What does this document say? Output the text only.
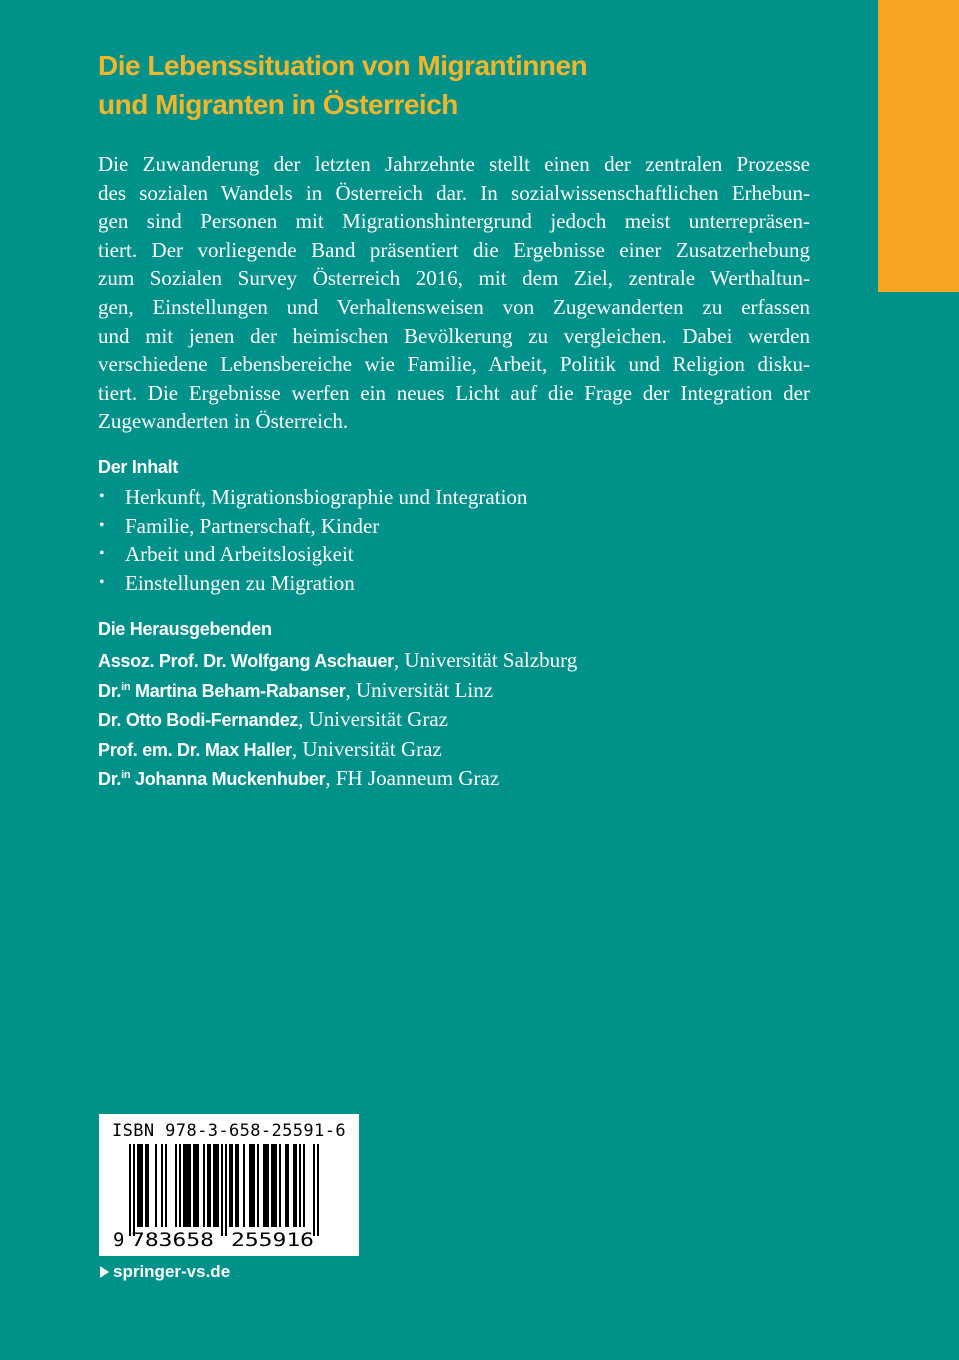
Die Lebenssituation von Migrantinnen
und Migranten in Österreich

Die Zuwanderung der letzten Jahrzehnte stellt einen der zentralen Prozesse
des sozialen Wandels in Österreich dar. In sozialwissenschaftlichen Erhebun-
gen sind Personen mit Migrationshintergrund jedoch meist unterrepräsen-
tiert. Der vorliegende Band präsentiert die Ergebnisse einer Zusatzerhebung
zum Sozialen Survey Österreich 2016, mit dem Ziel, zentrale Werthaltun-
gen, Einstellungen und Verhaltensweisen von Zugewanderten zu erfassen
und mit jenen der heimischen Bevölkerung zu vergleichen. Dabei werden
verschiedene Lebensbereiche wie Familie, Arbeit, Politik und Religion disku-
tiert. Die Ergebnisse werfen ein neues Licht auf die Frage der Integration der
Zugewanderten in Österreich.

Der Inhalt
• Herkunft, Migrationsbiographie und Integration
• Familie, Partnerschaft, Kinder
• Arbeit und Arbeitslosigkeit
• Einstellungen zu Migration
Die Herausgebenden
Assoz. Prof. Dr. Wolfgang Aschauer, Universität Salzburg
Dr.$^{in}$ Martina Beham-Rabanser, Universität Linz
Dr. Otto Bodi-Fernandez, Universität Graz
Prof. em. Dr. Max Haller, Universität Graz
Dr.$^{in}$ Johanna Muckenhuber, FH Joanneum Graz
ISBN 978-3-658-25591-6
9 783658 255916
springer-vs.de
